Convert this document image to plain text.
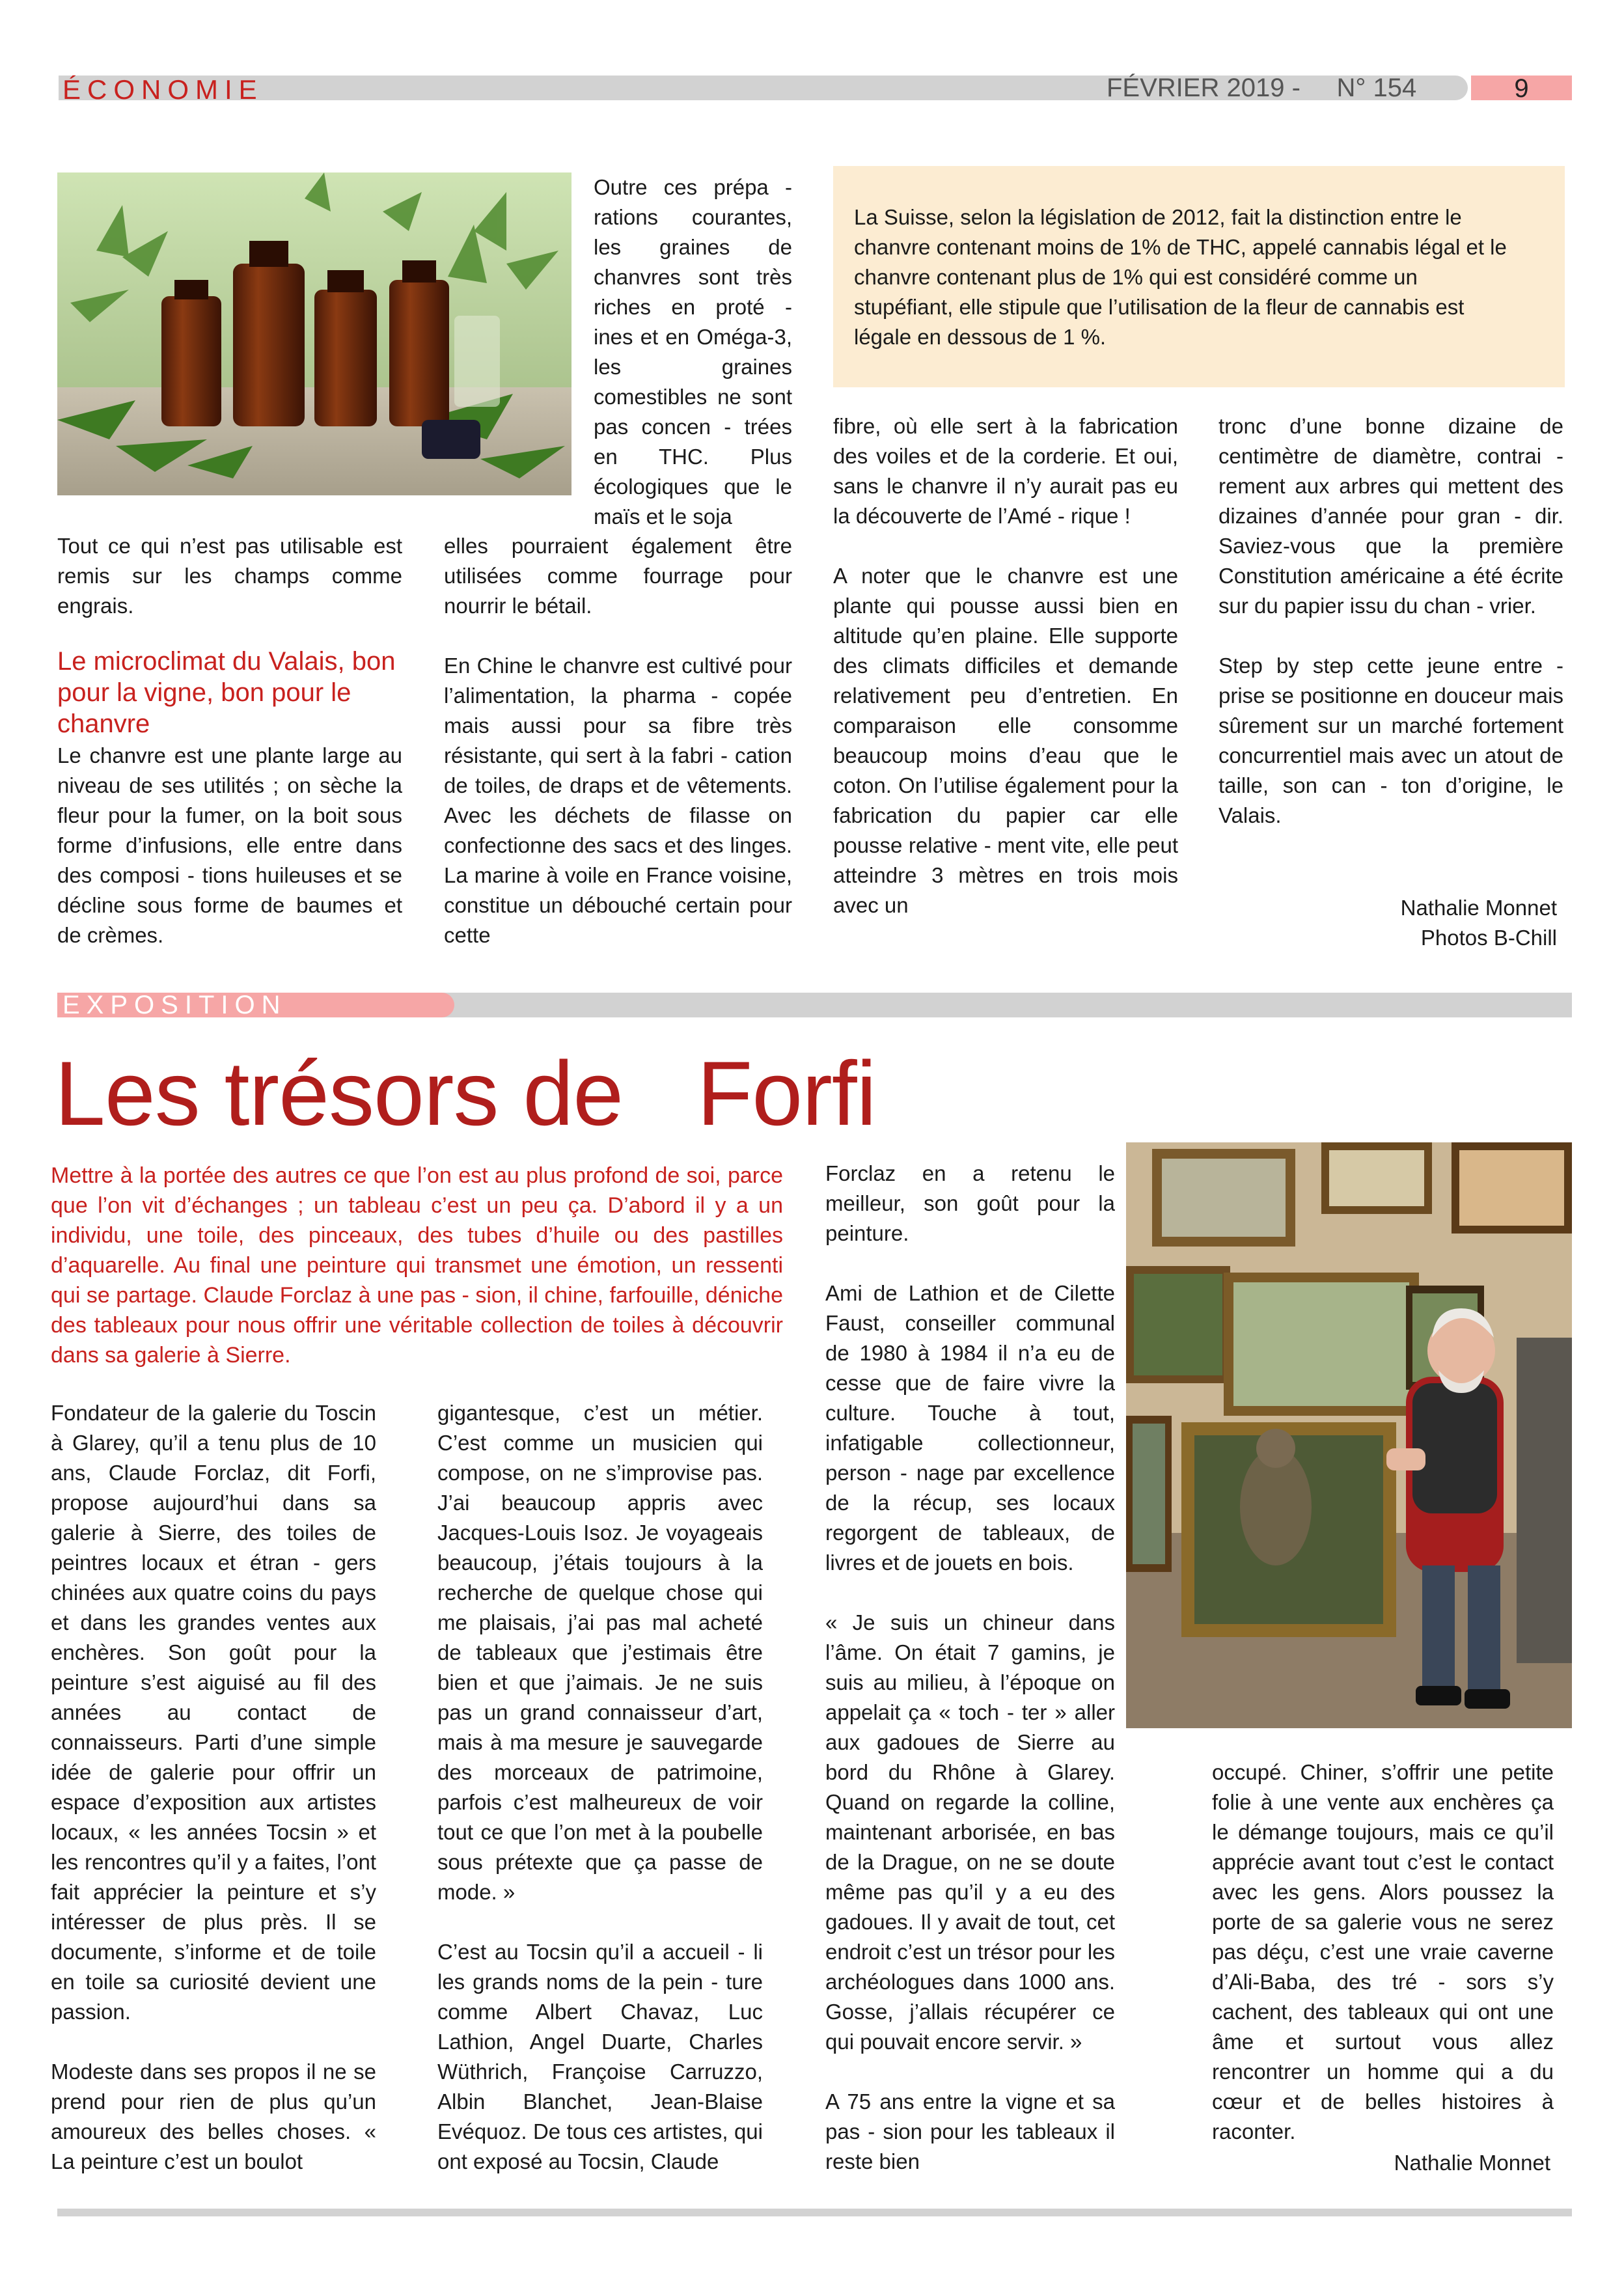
ÉCONOMIE	FÉVRIER 2019 -     N° 154	9
Outre ces prépa - rations courantes, les graines de chanvres sont très riches en proté - ines et en Oméga-3, les graines comestibles ne sont pas concen - trées en THC. Plus écologiques que le maïs et le soja
Tout ce qui n’est pas utilisable est remis sur les champs comme engrais.
Le microclimat du Valais, bon pour la vigne, bon pour le chanvre
Le chanvre est une plante large au niveau de ses utilités ; on sèche la fleur pour la fumer, on la boit sous forme d’infusions, elle entre dans des composi - tions huileuses et se décline sous forme de baumes et de crèmes.

elles pourraient également être utilisées comme fourrage pour nourrir le bétail.

En Chine le chanvre est cultivé pour l’alimentation, la pharma - copée mais aussi pour sa fibre très résistante, qui sert à la fabri - cation de toiles, de draps et de vêtements. Avec les déchets de filasse on confectionne des sacs et des linges. La marine à voile en France voisine, constitue un débouché certain pour cette

La Suisse, selon la législation de 2012, fait la distinction entre le chanvre contenant moins de 1% de THC, appelé cannabis légal et le chanvre contenant plus de 1% qui est considéré comme un stupéfiant, elle stipule que l’utilisation de la fleur de cannabis est légale en dessous de 1 %.

fibre, où elle sert à la fabrication des voiles et de la corderie. Et oui, sans le chanvre il n’y aurait pas eu la découverte de l’Amé - rique !

A noter que le chanvre est une plante qui pousse aussi bien en altitude qu’en plaine. Elle supporte des climats difficiles et demande relativement peu d’entretien. En comparaison elle consomme beaucoup moins d’eau que le coton. On l’utilise également pour la fabrication du papier car elle pousse relative - ment vite, elle peut atteindre 3 mètres en trois mois avec un

tronc d’une bonne dizaine de centimètre de diamètre, contrai - rement aux arbres qui mettent des dizaines d’année pour gran - dir. Saviez-vous que la première Constitution américaine a été écrite sur du papier issu du chan - vrier.

Step by step cette jeune entre - prise se positionne en douceur mais sûrement sur un marché fortement concurrentiel mais avec un atout de taille, son can - ton d’origine, le Valais.

Nathalie Monnet
Photos B-Chill
EXPOSITION
Les trésors de   Forfi
Mettre à la portée des autres ce que l’on est au plus profond de soi, parce que l’on vit d’échanges ; un tableau c’est un peu ça. D’abord il y a un individu, une toile, des pinceaux, des tubes d’huile ou des pastilles d’aquarelle. Au final une peinture qui transmet une émotion, un ressenti qui se partage. Claude Forclaz à une pas - sion, il chine, farfouille, déniche des tableaux pour nous offrir une véritable collection de toiles à découvrir dans sa galerie à Sierre.

Fondateur de la galerie du Toscin à Glarey, qu’il a tenu plus de 10 ans, Claude Forclaz, dit Forfi, propose aujourd’hui dans sa galerie à Sierre, des toiles de peintres locaux et étran - gers chinées aux quatre coins du pays et dans les grandes ventes aux enchères. Son goût pour la peinture s’est aiguisé au fil des années au contact de connaisseurs. Parti d’une simple idée de galerie pour offrir un espace d’exposition aux artistes locaux, « les années Tocsin » et les rencontres qu’il y a faites, l’ont fait apprécier la peinture et s’y intéresser de plus près. Il se documente, s’informe et de toile en toile sa curiosité devient une passion.

Modeste dans ses propos il ne se prend pour rien de plus qu’un amoureux des belles choses. « La peinture c’est un boulot

gigantesque, c’est un métier. C’est comme un musicien qui compose, on ne s’improvise pas. J’ai beaucoup appris avec Jacques-Louis Isoz. Je voyageais beaucoup, j’étais toujours à la recherche de quelque chose qui me plaisais, j’ai pas mal acheté de tableaux que j’estimais être bien et que j’aimais. Je ne suis pas un grand connaisseur d’art, mais à ma mesure je sauvegarde des morceaux de patrimoine, parfois c’est malheureux de voir tout ce que l’on met à la poubelle sous prétexte que ça passe de mode. »

C’est au Tocsin qu’il a accueil - li les grands noms de la pein - ture comme Albert Chavaz, Luc Lathion, Angel Duarte, Charles Wüthrich, Françoise Carruzzo, Albin Blanchet, Jean-Blaise Evéquoz. De tous ces artistes, qui ont exposé au Tocsin, Claude

Forclaz en a retenu le meilleur, son goût pour la peinture.

Ami de Lathion et de Cilette Faust, conseiller communal de 1980 à 1984 il n’a eu de cesse que de faire vivre la culture. Touche à tout, infatigable collectionneur, person - nage par excellence de la récup, ses locaux regorgent de tableaux, de livres et de jouets en bois.

« Je suis un chineur dans l’âme. On était 7 gamins, je suis au milieu, à l’époque on appelait ça « toch - ter » aller aux gadoues de Sierre au bord du Rhône à Glarey. Quand on regarde la colline, maintenant arborisée, en bas de la Drague, on ne se doute même pas qu’il y a eu des gadoues. Il y avait de tout, cet endroit c’est un trésor pour les archéologues dans 1000 ans. Gosse, j’allais récupérer ce qui pouvait encore servir. »

A 75 ans entre la vigne et sa pas - sion pour les tableaux il reste bien

occupé. Chiner, s’offrir une petite folie à une vente aux enchères ça le démange toujours, mais ce qu’il apprécie avant tout c’est le contact avec les gens. Alors poussez la porte de sa galerie vous ne serez pas déçu, c’est une vraie caverne d’Ali-Baba, des tré - sors s’y cachent, des tableaux qui ont une âme et surtout vous allez rencontrer un homme qui a du cœur et de belles histoires à raconter.

Nathalie Monnet
